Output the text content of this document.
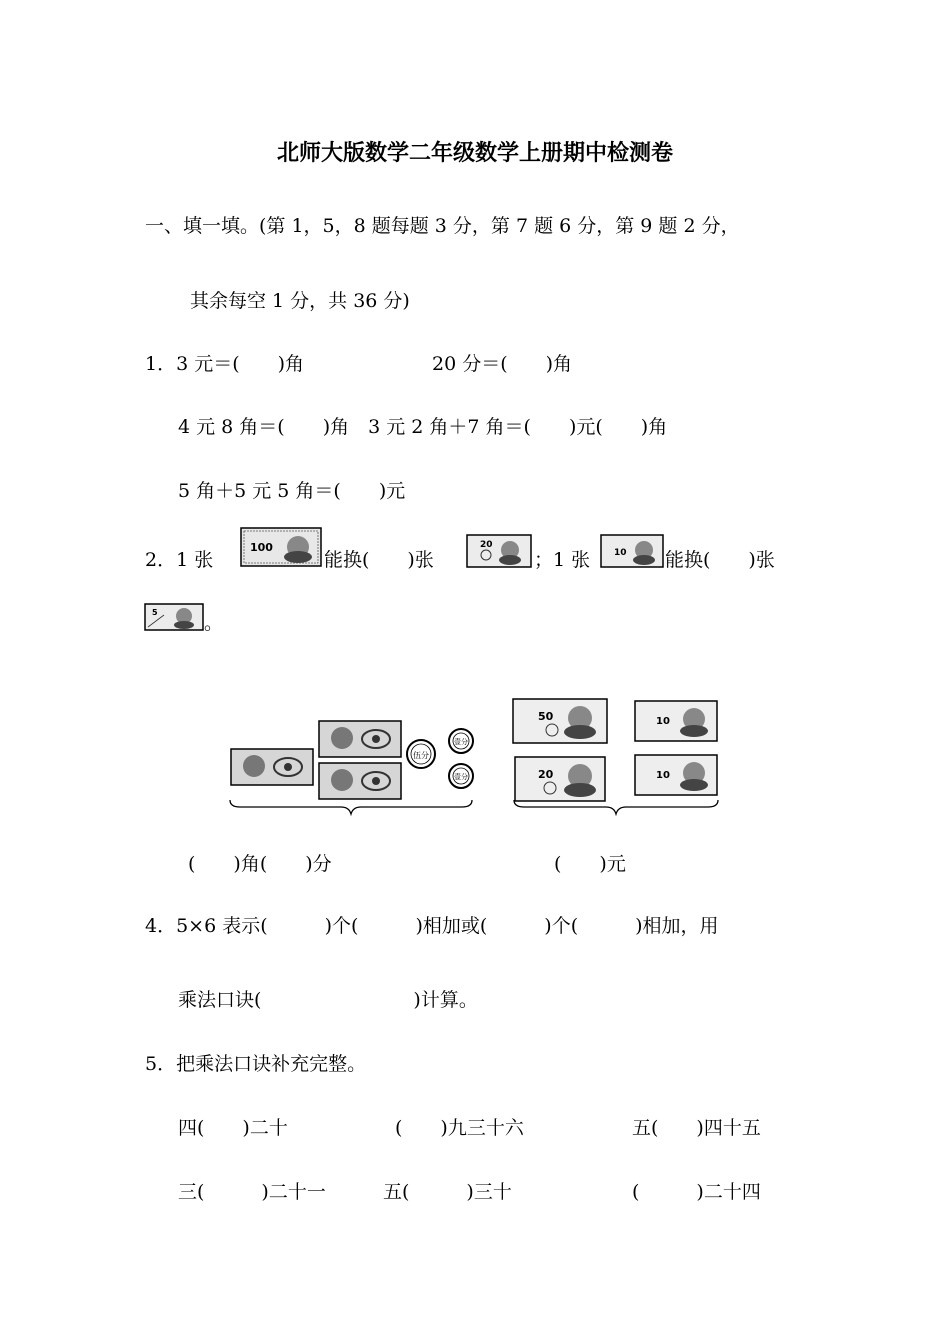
北师大版数学二年级数学上册期中检测卷
一、填一填。(第 1，5，8 题每题 3 分，第 7 题 6 分，第 9 题 2 分，
其余每空 1 分，共 36 分)
1．3 元＝(　　)角	20 分＝(　　)角
4 元 8 角＝(　　)角　3 元 2 角＋7 角＝(　　)元(　　)角
5 角＋5 元 5 角＝(　　)元
2．1 张
100
能换(　　)张
20
；1 张	10 能换(　　)张
5 。
伍分
壹分
壹分
50	10
20	10
(　　)角(　　)分	(　　)元
4．5×6 表示(　　　)个(　　　)相加或(　　　)个(　　　)相加，用
乘法口诀(　　　　　　　　)计算。
5．把乘法口诀补充完整。
四(　　)二十	(　　)九三十六	五(　　)四十五
三(　　　)二十一	五(　　　)三十	(　　　)二十四
